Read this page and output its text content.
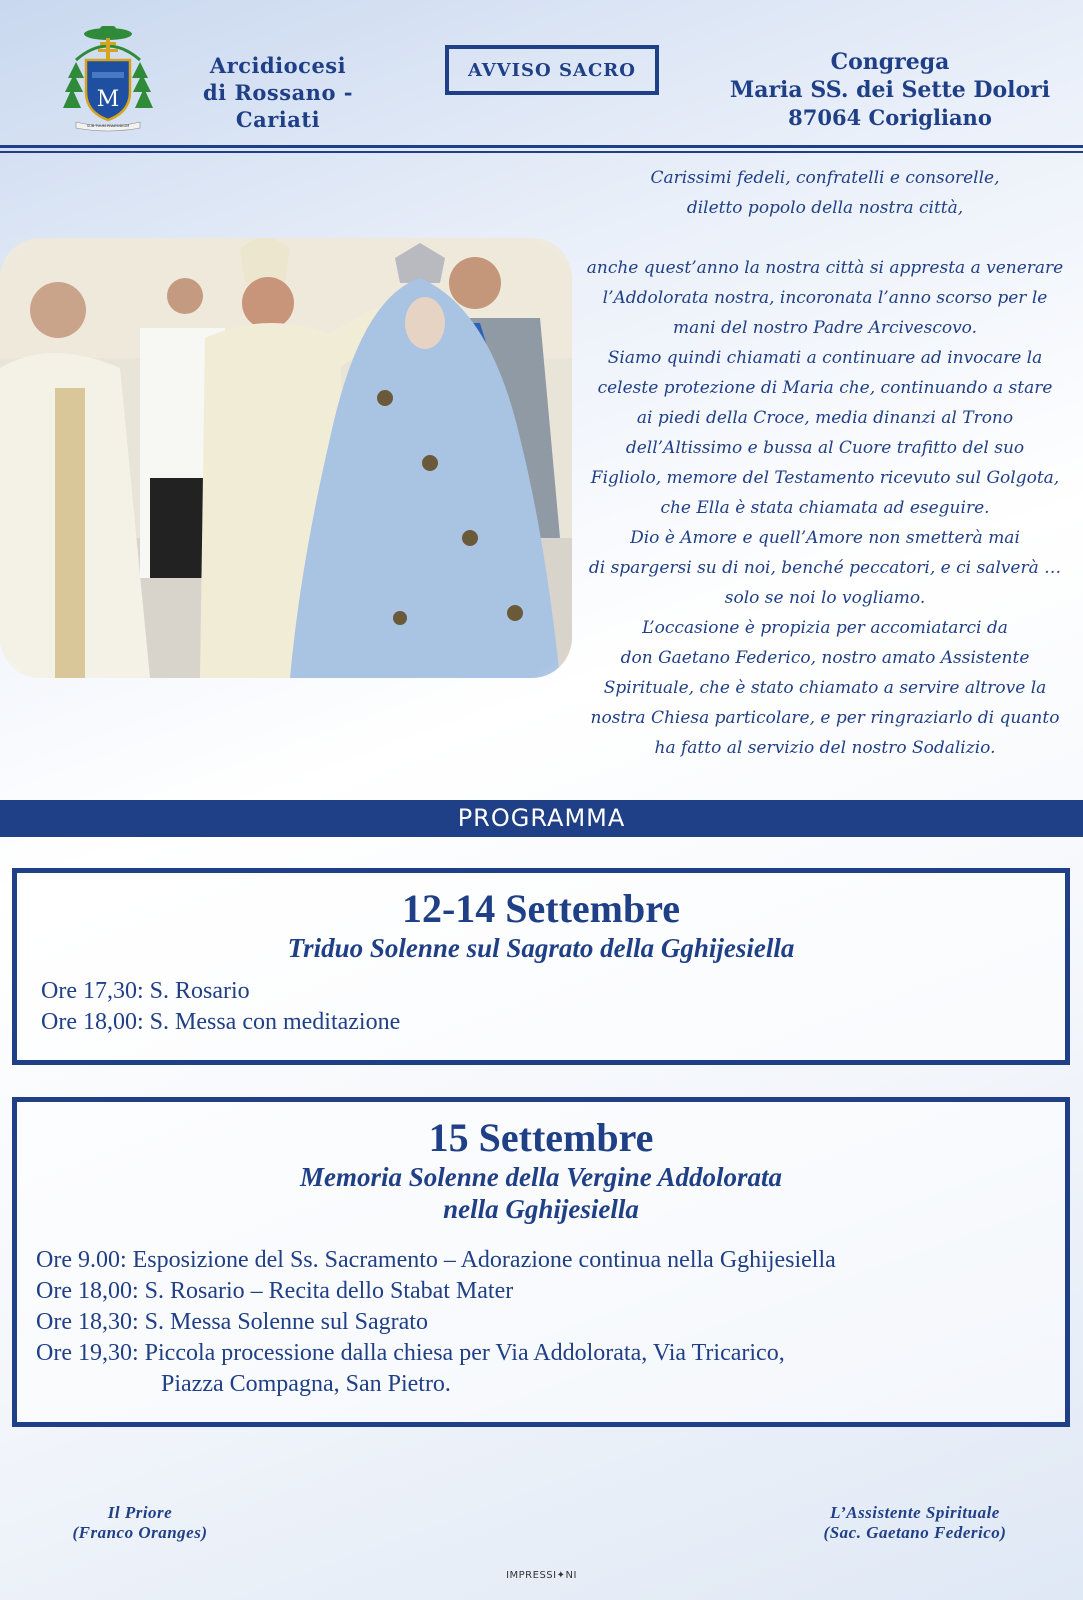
M
SUB TUUM PRAESIDIUM
Arcidiocesi
di Rossano - Cariati
AVVISO SACRO	Congrega
Maria SS. dei Sette Dolori
87064 Corigliano
Carissimi fedeli, confratelli e consorelle,
diletto popolo della nostra città,
anche quest’anno la nostra città si appresta a venerare
l’Addolorata nostra, incoronata l’anno scorso per le
mani del nostro Padre Arcivescovo.
Siamo quindi chiamati a continuare ad invocare la
celeste protezione di Maria che, continuando a stare
ai piedi della Croce, media dinanzi al Trono
dell’Altissimo e bussa al Cuore trafitto del suo
Figliolo, memore del Testamento ricevuto sul Golgota,
che Ella è stata chiamata ad eseguire.
Dio è Amore e quell’Amore non smetterà mai
di spargersi su di noi, benché peccatori, e ci salverà …
solo se noi lo vogliamo.
L’occasione è propizia per accomiatarci da
don Gaetano Federico, nostro amato Assistente
Spirituale, che è stato chiamato a servire altrove la
nostra Chiesa particolare, e per ringraziarlo di quanto
ha fatto al servizio del nostro Sodalizio.
PROGRAMMA
12-14 Settembre
Triduo Solenne sul Sagrato della Gghijesiella
Ore 17,30: S. Rosario
Ore 18,00: S. Messa con meditazione
15 Settembre
Memoria Solenne della Vergine Addolorata
nella Gghijesiella
Ore 9.00: Esposizione del Ss. Sacramento – Adorazione continua nella Gghijesiella
Ore 18,00: S. Rosario – Recita dello Stabat Mater
Ore 18,30: S. Messa Solenne sul Sagrato
Ore 19,30: Piccola processione dalla chiesa per Via Addolorata, Via Tricarico,
Piazza Compagna, San Pietro.
Il Priore
(Franco Oranges)
L’Assistente Spirituale
(Sac. Gaetano Federico)
IMPRESSI✦NI
